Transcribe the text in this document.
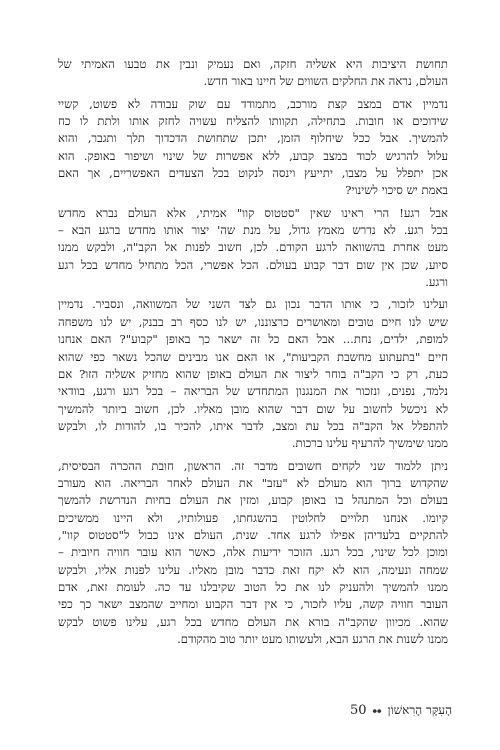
תחושת היציבות היא אשליה חזקה, ואם נעמיק ונבין את טבעו האמיתי של
העולם, נראה את החלקים השווים של חיינו באור חדש.
נדמיין אדם במצב קצת מורכב, מתמודד עם שוק עבודה לא פשוט, קשיי
שידוכים או חובות. בתחילה, תקוותו להצליח עשויה לחזק אותו ולתת לו כח
להמשיך. אבל ככל שיחלוף הזמן, יתכן שתחושת הדכדוך תלך ותגבר, והוא
עלול להרגיש לכוד במצב קבוע, ללא אפשרות של שינוי ושיפור באופק. הוא
אכן יתפלל על מצבו, יתייעץ וינסה לנקוט בכל הצעדים האפשריים, אך האם
באמת יש סיכוי לשינוי?
אבל רגע! הרי ראינו שאין "סטטוס קוו" אמיתי, אלא העולם נברא מחדש
בכל רגע. לא נדרש מאמץ גדול, על מנת שה' יצור אותו מחדש ברגע הבא –
מעט אחרת בהשוואה לרגע הקודם. לכן, חשוב לפנות אל הקב"ה, ולבקש ממנו
סיוע, שכן אין שום דבר קבוע בעולם. הכל אפשרי, הכל מתחיל מחדש בכל רגע
ורגע.
ועלינו לזכור, כי אותו הדבר נכון גם לצד השני של המשוואה, ונסביר. נדמיין
שיש לנו חיים טובים ומאושרים כרצוננו, יש לנו כסף רב בבנק, יש לנו משפחה
למופת, ילדים, נחת... אבל האם כל זה ישאר כך באופן "קבוע"? האם אנחנו
חיים "בתעתוע מחשבת הקביעות", או האם אנו מבינים שהכל נשאר כפי שהוא
כעת, רק כי הקב"ה בוחר ליצור את העולם באופן שהוא מחזיק אשליה הזו? אם
נלמד, נפנים, ונזכור את המנגנון המתחדש של הבריאה – בכל רגע ורגע, בוודאי
לא ניכשל לחשוב על שום דבר שהוא מובן מאליו. לכן, חשוב ביותר להמשיך
להתפלל אל הקב"ה בכל עת ומצב, לדבר איתו, להכיר בו, להודות לו, ולבקש
ממנו שימשיך להרעיף עלינו ברכות.
ניתן ללמוד שני לקחים חשובים מדבר זה. הראשון, חובת ההכרה הבסיסית,
שהקדוש ברוך הוא מעולם לא "עזב" את העולם לאחר הבריאה. הוא מעורב
בעולם וכל המתנהל בו באופן קבוע, ומזין את העולם בחיות הנדרשת להמשך
קיומו. אנחנו תלויים לחלוטין בהשגחתו, פעולותיו, ולא היינו ממשיכים
להתקיים בלעדיהן אפילו לרגע אחד. שנית, העולם אינו כבול ל"סטטוס קוו",
ומוכן לכל שינוי, בכל רגע. הזוכר ידיעות אלה, כאשר הוא עובר חוויה חיובית –
שמחה ונעימה, הוא לא יקח זאת כדבר מובן מאליו. עלינו לפנות אליו, ולבקש
ממנו להמשיך ולהעניק לנו את כל הטוב שקיבלנו עד כה. לעומת זאת, אדם
העובר חוויה קשה, עליו לזכור, כי אין דבר הקבוע ומחייב שהמצב ישאר כך כפי
שהוא. מכיוון שהקב"ה בורא את העולם מחדש בכל רגע, עלינו פשוט לבקש
ממנו לשנות את הרגע הבא, ולעשותו מעט יותר טוב מהקודם.
הָעִקָּר הָרִאשׁוֹן
⦁⦁
50
